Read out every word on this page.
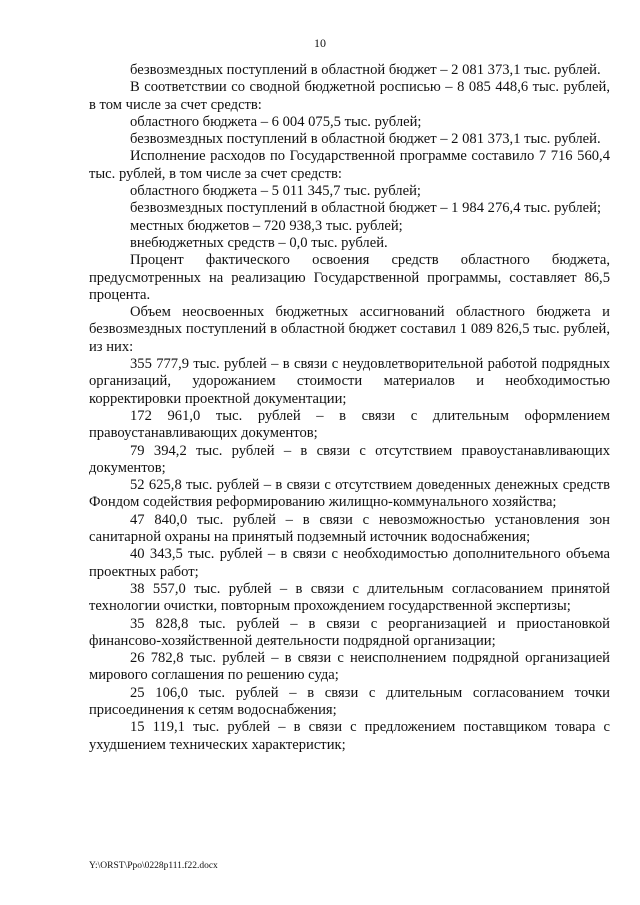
10

безвозмездных поступлений в областной бюджет – 2 081 373,1 тыс. рублей.

В соответствии со сводной бюджетной росписью – 8 085 448,6 тыс. рублей, в том числе за счет средств:

областного бюджета – 6 004 075,5 тыс. рублей;

безвозмездных поступлений в областной бюджет – 2 081 373,1 тыс. рублей.

Исполнение расходов по Государственной программе составило 7 716 560,4 тыс. рублей, в том числе за счет средств:

областного бюджета – 5 011 345,7 тыс. рублей;

безвозмездных поступлений в областной бюджет – 1 984 276,4 тыс. рублей;

местных бюджетов – 720 938,3 тыс. рублей;

внебюджетных средств – 0,0 тыс. рублей.

Процент фактического освоения средств областного бюджета, предусмотренных на реализацию Государственной программы, составляет 86,5 процента.

Объем неосвоенных бюджетных ассигнований областного бюджета и безвозмездных поступлений в областной бюджет составил 1 089 826,5 тыс. рублей, из них:

355 777,9 тыс. рублей – в связи с неудовлетворительной работой подрядных организаций, удорожанием стоимости материалов и необходимостью корректировки проектной документации;

172 961,0 тыс. рублей – в связи с длительным оформлением правоустанавливающих документов;

79 394,2 тыс. рублей – в связи с отсутствием правоустанавливающих документов;

52 625,8 тыс. рублей – в связи с отсутствием доведенных денежных средств Фондом содействия реформированию жилищно-коммунального хозяйства;

47 840,0 тыс. рублей – в связи с невозможностью установления зон санитарной охраны на принятый подземный источник водоснабжения;

40 343,5 тыс. рублей – в связи с необходимостью дополнительного объема проектных работ;

38 557,0 тыс. рублей – в связи с длительным согласованием принятой технологии очистки, повторным прохождением государственной экспертизы;

35 828,8 тыс. рублей – в связи с реорганизацией и приостановкой финансово-хозяйственной деятельности подрядной организации;

26 782,8 тыс. рублей – в связи с неисполнением подрядной организацией мирового соглашения по решению суда;

25 106,0 тыс. рублей – в связи с длительным согласованием точки присоединения к сетям водоснабжения;

15 119,1 тыс. рублей – в связи с предложением поставщиком товара с ухудшением технических характеристик;

Y:\ORST\Ppo\0228p111.f22.docx
